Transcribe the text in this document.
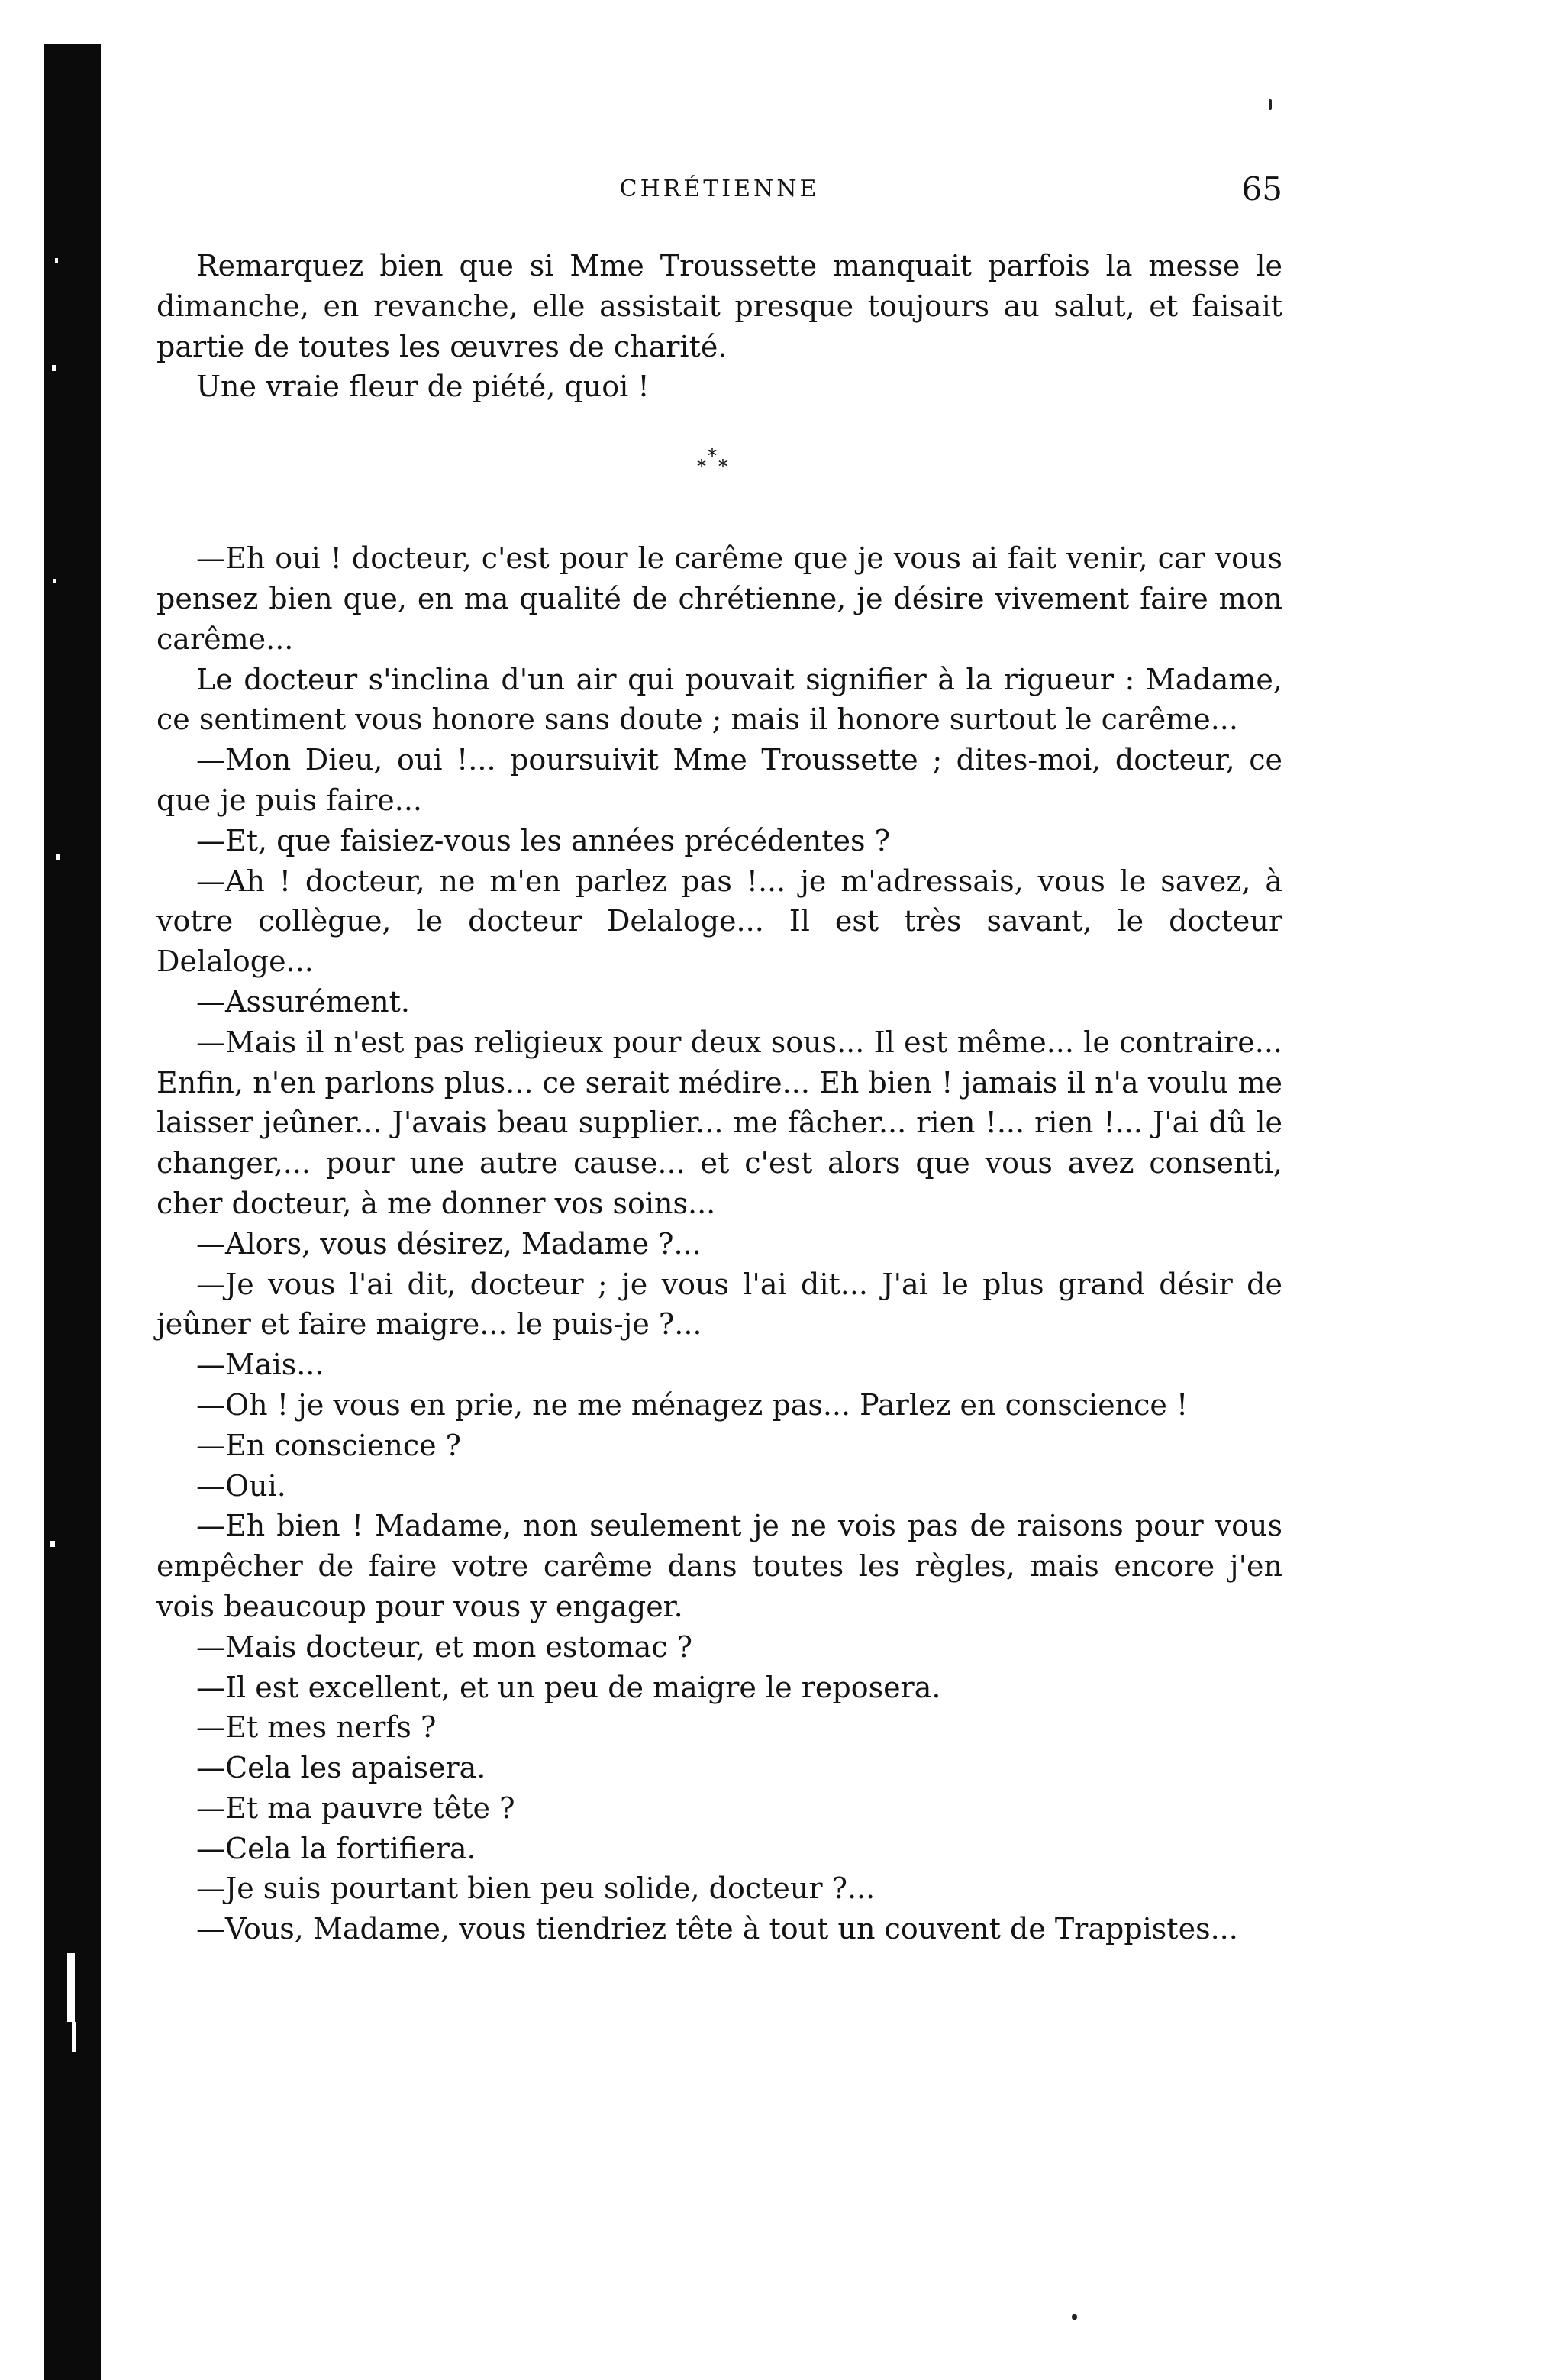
CHRÉTIENNE	65

Remarquez bien que si Mme Troussette manquait parfois la messe le dimanche, en revanche, elle assistait presque toujours au salut, et faisait partie de toutes les œuvres de charité.

Une vraie fleur de piété, quoi !

*
* *

—Eh oui ! docteur, c'est pour le carême que je vous ai fait venir, car vous pensez bien que, en ma qualité de chrétienne, je désire vivement faire mon carême...

Le docteur s'inclina d'un air qui pouvait signifier à la rigueur : Madame, ce sentiment vous honore sans doute ; mais il honore surtout le carême...

—Mon Dieu, oui !... poursuivit Mme Troussette ; dites-moi, docteur, ce que je puis faire...

—Et, que faisiez-vous les années précédentes ?

—Ah ! docteur, ne m'en parlez pas !... je m'adressais, vous le savez, à votre collègue, le docteur Delaloge... Il est très savant, le docteur Delaloge...

—Assurément.

—Mais il n'est pas religieux pour deux sous... Il est même... le contraire... Enfin, n'en parlons plus... ce serait médire... Eh bien ! jamais il n'a voulu me laisser jeûner... J'avais beau supplier... me fâcher... rien !... rien !... J'ai dû le changer,... pour une autre cause... et c'est alors que vous avez consenti, cher docteur, à me donner vos soins...

—Alors, vous désirez, Madame ?...

—Je vous l'ai dit, docteur ; je vous l'ai dit... J'ai le plus grand désir de jeûner et faire maigre... le puis-je ?...

—Mais...

—Oh ! je vous en prie, ne me ménagez pas... Parlez en conscience !

—En conscience ?

—Oui.

—Eh bien ! Madame, non seulement je ne vois pas de raisons pour vous empêcher de faire votre carême dans toutes les règles, mais encore j'en vois beaucoup pour vous y engager.

—Mais docteur, et mon estomac ?

—Il est excellent, et un peu de maigre le reposera.

—Et mes nerfs ?

—Cela les apaisera.

—Et ma pauvre tête ?

—Cela la fortifiera.

—Je suis pourtant bien peu solide, docteur ?...

—Vous, Madame, vous tiendriez tête à tout un couvent de Trappistes...
